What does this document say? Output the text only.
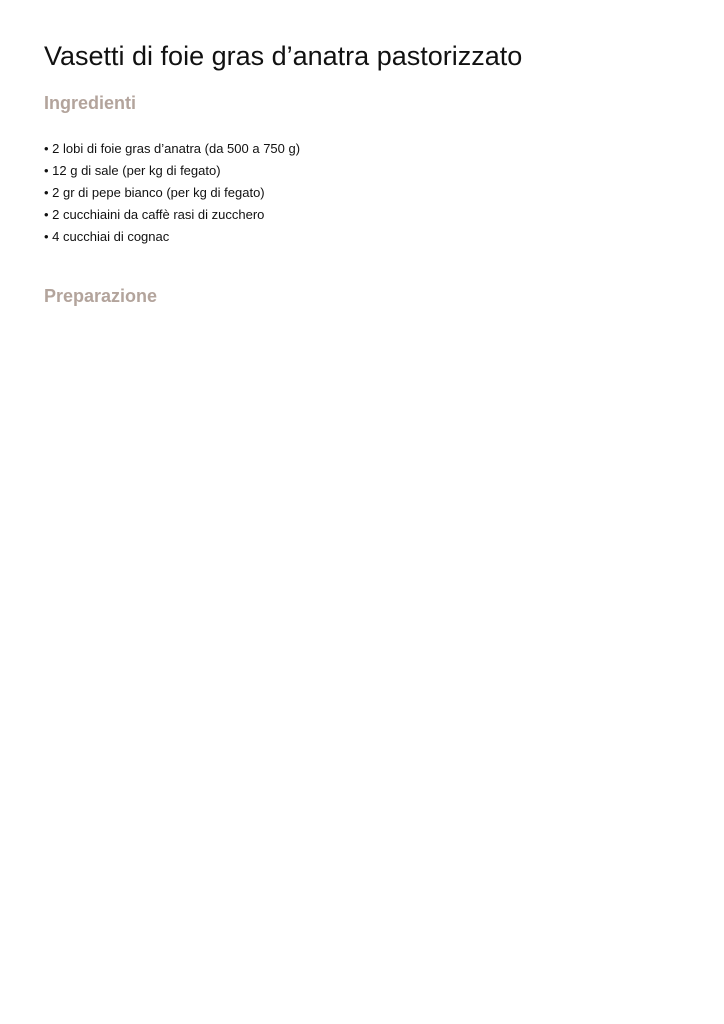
Vasetti di foie gras d’anatra pastorizzato
Ingredienti
• 2 lobi di foie gras d’anatra (da 500 a 750 g)
• 12 g di sale (per kg di fegato)
• 2 gr di pepe bianco (per kg di fegato)
• 2 cucchiaini da caffè rasi di zucchero
• 4 cucchiai di cognac
Preparazione
